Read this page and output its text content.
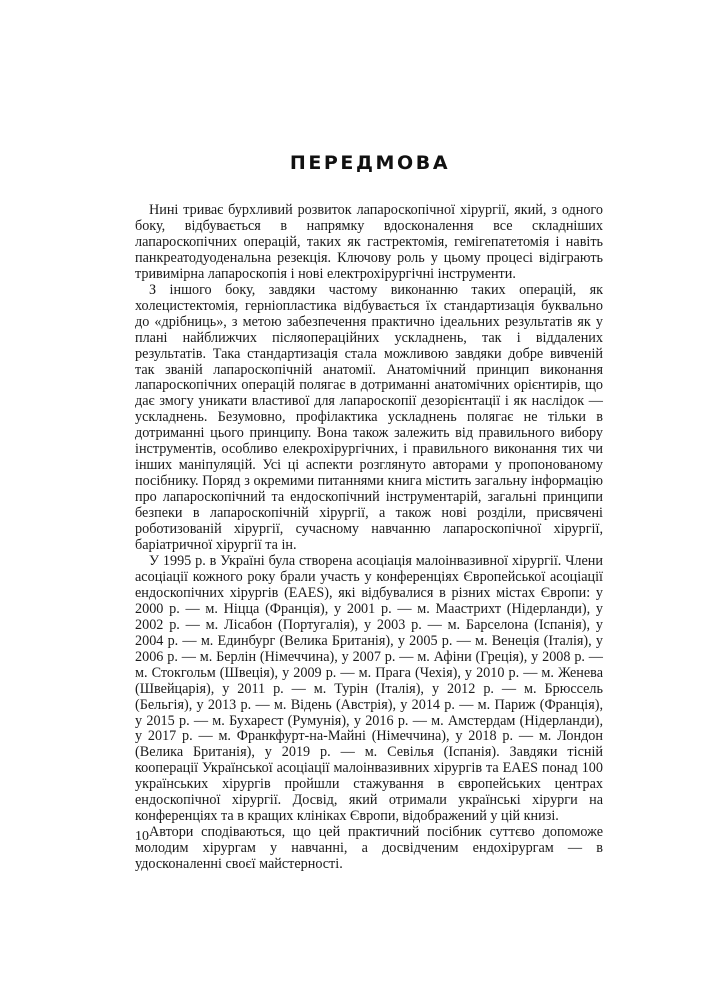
ПЕРЕДМОВА

Нині триває бурхливий розвиток лапароскопічної хірургії, який, з одного боку, відбувається в напрямку вдосконалення все складніших лапароскопічних операцій, таких як гастректомія, гемігепатетомія і навіть панкреатодуоденальна резекція. Ключову роль у цьому процесі відіграють тривимірна лапароскопія і нові електрохірургічні інструменти.

З іншого боку, завдяки частому виконанню таких операцій, як холецистектомія, герніопластика відбувається їх стандартизація буквально до «дрібниць», з метою забезпечення практично ідеальних результатів як у плані найближчих післяопераційних ускладнень, так і віддалених результатів. Така стандартизація стала можливою завдяки добре вивченій так званій лапароскопічній анатомії. Анатомічний принцип виконання лапароскопічних операцій полягає в дотриманні анатомічних орієнтирів, що дає змогу уникати властивої для лапароскопії дезорієнтації і як наслідок — ускладнень. Безумовно, профілактика ускладнень полягає не тільки в дотриманні цього принципу. Вона також залежить від правильного вибору інструментів, особливо елекрохірургічних, і правильного виконання тих чи інших маніпуляцій. Усі ці аспекти розглянуто авторами у пропонованому посібнику. Поряд з окремими питаннями книга містить загальну інформацію про лапароскопічний та ендоскопічний інструментарій, загальні принципи безпеки в лапароскопічній хірургії, а також нові розділи, присвячені роботизованій хірургії, сучасному навчанню лапароскопічної хірургії, баріатричної хірургії та ін.

У 1995 р. в Україні була створена асоціація малоінвазивної хірургії. Члени асоціації кожного року брали участь у конференціях Європейської асоціації ендоскопічних хірургів (EAES), які відбувалися в різних містах Європи: у 2000 р. — м. Ніцца (Франція), у 2001 р. — м. Маастрихт (Нідерланди), у 2002 р. — м. Лісабон (Португалія), у 2003 р. — м. Барселона (Іспанія), у 2004 р. — м. Единбург (Велика Британія), у 2005 р. — м. Венеція (Італія), у 2006 р. — м. Берлін (Німеччина), у 2007 р. — м. Афіни (Греція), у 2008 р. — м. Стокгольм (Швеція), у 2009 р. — м. Прага (Чехія), у 2010 р. — м. Женева (Швейцарія), у 2011 р. — м. Турін (Італія), у 2012 р. — м. Брюссель (Бельгія), у 2013 р. — м. Відень (Австрія), у 2014 р. — м. Париж (Франція), у 2015 р. — м. Бухарест (Румунія), у 2016 р. — м. Амстердам (Нідерланди), у 2017 р. — м. Франкфурт-на-Майні (Німеччина), у 2018 р. — м. Лондон (Велика Британія), у 2019 р. — м. Севілья (Іспанія). Завдяки тісній кооперації Української асоціації малоінвазивних хірургів та EAES понад 100 українських хірургів пройшли стажування в європейських центрах ендоскопічної хірургії. Досвід, який отримали українські хірурги на конференціях та в кращих клініках Європи, відображений у цій книзі.

Автори сподіваються, що цей практичний посібник суттєво допоможе молодим хірургам у навчанні, а досвідченим ендохірургам — в удосконаленні своєї майстерності.

10
